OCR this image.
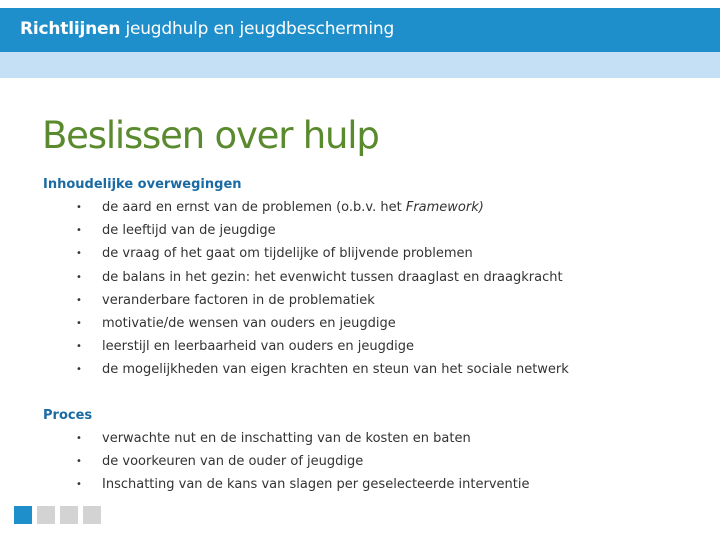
Richtlijnen jeugdhulp en jeugdbescherming
Beslissen over hulp
Inhoudelijke overwegingen
• de aard en ernst van de problemen (o.b.v. het Framework)
• de leeftijd van de jeugdige
• de vraag of het gaat om tijdelijke of blijvende problemen
• de balans in het gezin: het evenwicht tussen draaglast en draagkracht
• veranderbare factoren in de problematiek
• motivatie/de wensen van ouders en jeugdige
• leerstijl en leerbaarheid van ouders en jeugdige
• de mogelijkheden van eigen krachten en steun van het sociale netwerk
Proces
• verwachte nut en de inschatting van de kosten en baten
• de voorkeuren van de ouder of jeugdige
• Inschatting van de kans van slagen per geselecteerde interventie
